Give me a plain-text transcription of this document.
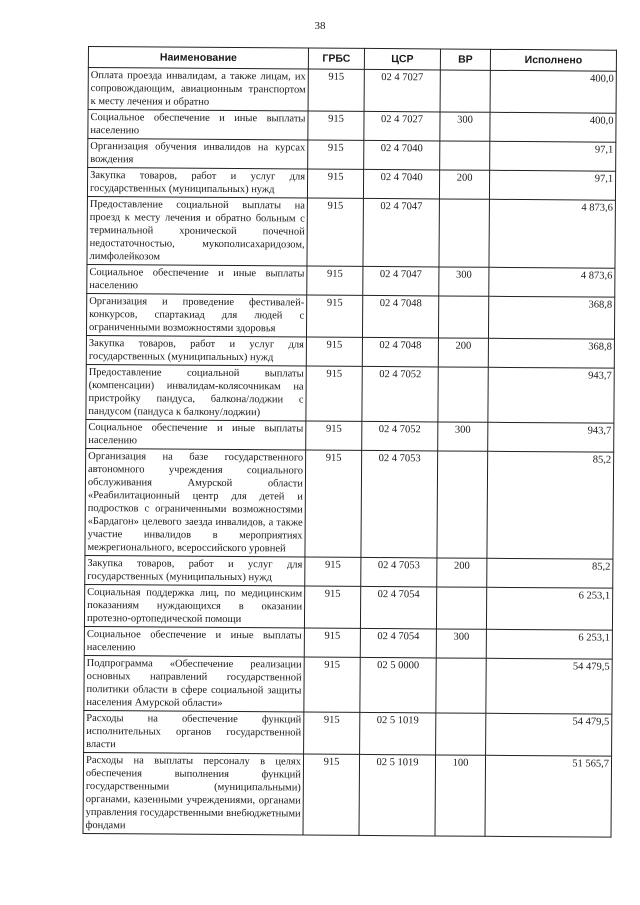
38
Наименование	ГРБС	ЦСР	ВР	Исполнено
Оплата проезда инвалидам, а также лицам, их сопровождающим, авиационным транспортом к месту лечения и обратно	915	02 4 7027		400,0
Социальное обеспечение и иные выплаты населению	915	02 4 7027	300	400,0
Организация обучения инвалидов на курсах вождения	915	02 4 7040		97,1
Закупка товаров, работ и услуг для государственных (муниципальных) нужд	915	02 4 7040	200	97,1
Предоставление социальной выплаты на проезд к месту лечения и обратно больным с терминальной хронической почечной недостаточностью, мукополисахаридозом, лимфолейкозом	915	02 4 7047		4 873,6
Социальное обеспечение и иные выплаты населению	915	02 4 7047	300	4 873,6
Организация и проведение фестивалей-конкурсов, спартакиад для людей с ограниченными возможностями здоровья	915	02 4 7048		368,8
Закупка товаров, работ и услуг для государственных (муниципальных) нужд	915	02 4 7048	200	368,8
Предоставление социальной выплаты (компенсации) инвалидам-колясочникам на пристройку пандуса, балкона/лоджии с пандусом (пандуса к балкону/лоджии)	915	02 4 7052		943,7
Социальное обеспечение и иные выплаты населению	915	02 4 7052	300	943,7
Организация на базе государственного автономного учреждения социального обслуживания Амурской области «Реабилитационный центр для детей и подростков с ограниченными возможностями «Бардагон» целевого заезда инвалидов, а также участие инвалидов в мероприятиях межрегионального, всероссийского уровней	915	02 4 7053		85,2
Закупка товаров, работ и услуг для государственных (муниципальных) нужд	915	02 4 7053	200	85,2
Социальная поддержка лиц, по медицинским показаниям нуждающихся в оказании протезно-ортопедической помощи	915	02 4 7054		6 253,1
Социальное обеспечение и иные выплаты населению	915	02 4 7054	300	6 253,1
Подпрограмма «Обеспечение реализации основных направлений государственной политики области в сфере социальной защиты населения Амурской области»	915	02 5 0000		54 479,5
Расходы на обеспечение функций исполнительных органов государственной власти	915	02 5 1019		54 479,5
Расходы на выплаты персоналу в целях обеспечения выполнения функций государственными (муниципальными) органами, казенными учреждениями, органами управления государственными внебюджетными фондами	915	02 5 1019	100	51 565,7
